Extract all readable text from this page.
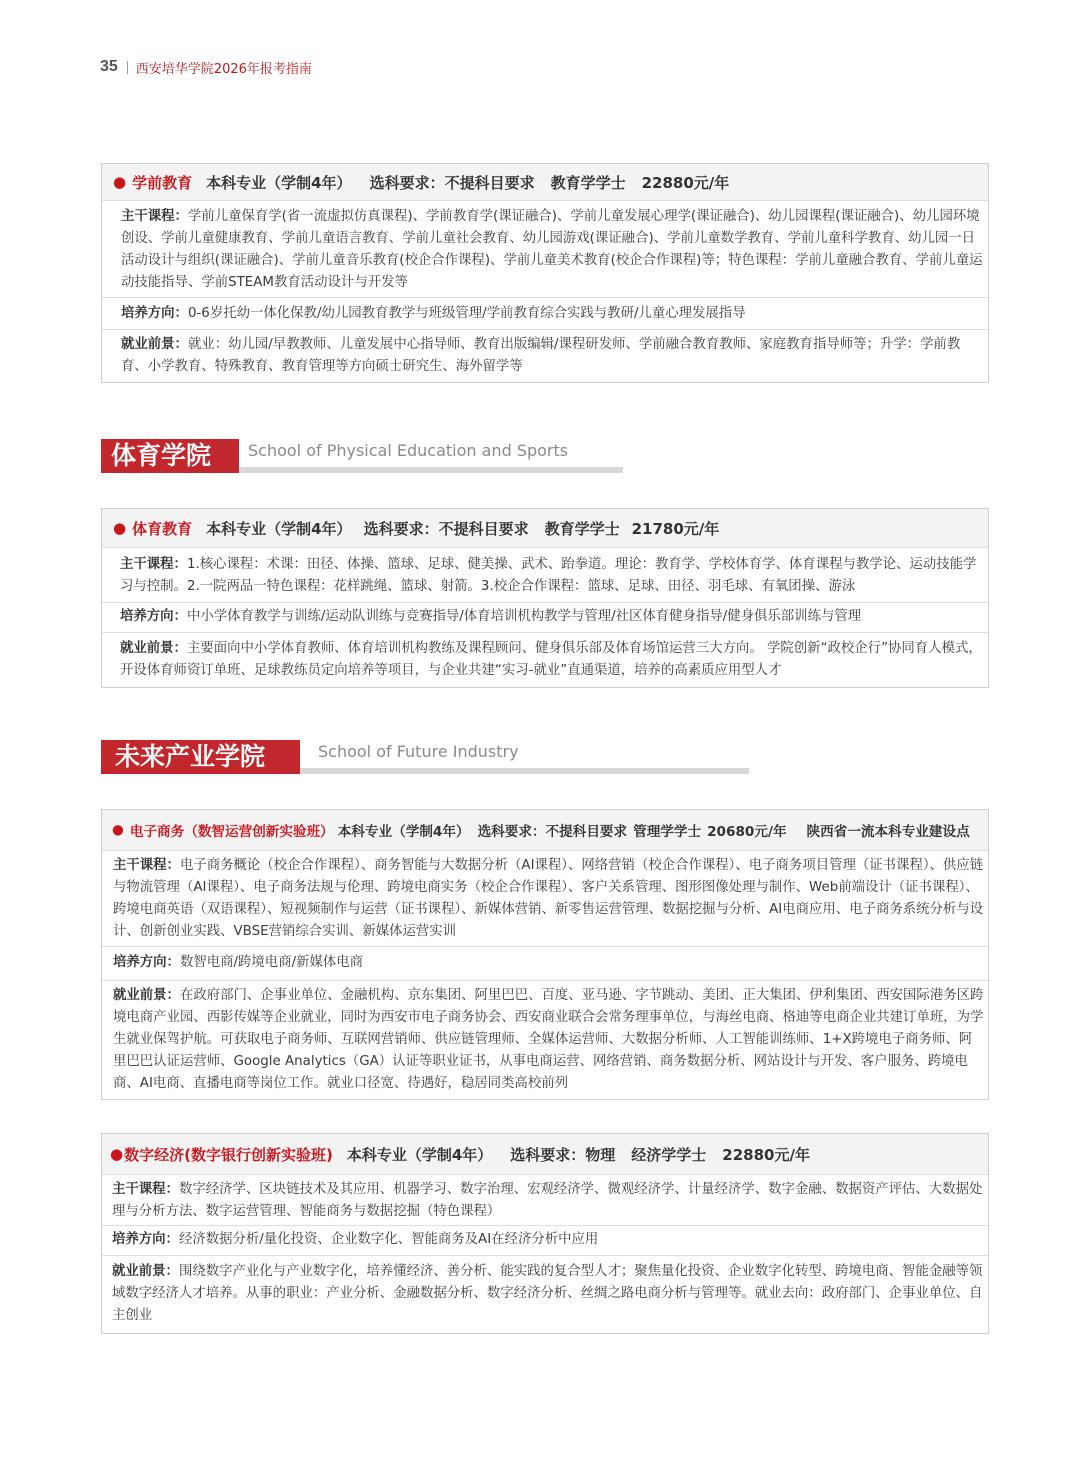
35 西安培华学院2026年报考指南
● 学前教育 本科专业（学制4年） 选科要求：不提科目要求 教育学学士 22880元/年
主干课程：学前儿童保育学(省一流虚拟仿真课程)、学前教育学(课证融合)、学前儿童发展心理学(课证融合)、幼儿园课程(课证融合)、幼儿园环境创设、学前儿童健康教育、学前儿童语言教育、学前儿童社会教育、幼儿园游戏(课证融合)、学前儿童数学教育、学前儿童科学教育、幼儿园一日活动设计与组织(课证融合)、学前儿童音乐教育(校企合作课程)、学前儿童美术教育(校企合作课程)等；特色课程：学前儿童融合教育、学前儿童运动技能指导、学前STEAM教育活动设计与开发等
培养方向：0-6岁托幼一体化保教/幼儿园教育教学与班级管理/学前教育综合实践与教研/儿童心理发展指导
就业前景：就业：幼儿园/早教教师、儿童发展中心指导师、教育出版编辑/课程研发师、学前融合教育教师、家庭教育指导师等；升学：学前教育、小学教育、特殊教育、教育管理等方向硕士研究生、海外留学等
体育学院	School of Physical Education and Sports
● 体育教育 本科专业（学制4年） 选科要求：不提科目要求 教育学学士 21780元/年
主干课程：1.核心课程：术课：田径、体操、篮球、足球、健美操、武术、跆拳道。理论：教育学、学校体育学、体育课程与教学论、运动技能学习与控制。2.一院两品一特色课程：花样跳绳、篮球、射箭。3.校企合作课程：篮球、足球、田径、羽毛球、有氧团操、游泳
培养方向：中小学体育教学与训练/运动队训练与竞赛指导/体育培训机构教学与管理/社区体育健身指导/健身俱乐部训练与管理
就业前景：主要面向中小学体育教师、体育培训机构教练及课程顾问、健身俱乐部及体育场馆运营三大方向。 学院创新“政校企行”协同育人模式，开设体育师资订单班、足球教练员定向培养等项目，与企业共建“实习-就业”直通渠道，培养的高素质应用型人才
未来产业学院	School of Future Industry
● 电子商务（数智运营创新实验班） 本科专业（学制4年） 选科要求：不提科目要求 管理学学士 20680元/年 陕西省一流本科专业建设点
主干课程：电子商务概论（校企合作课程）、商务智能与大数据分析（AI课程）、网络营销（校企合作课程）、电子商务项目管理（证书课程）、供应链与物流管理（AI课程）、电子商务法规与伦理、跨境电商实务（校企合作课程）、客户关系管理、图形图像处理与制作、Web前端设计（证书课程）、跨境电商英语（双语课程）、短视频制作与运营（证书课程）、新媒体营销、新零售运营管理、数据挖掘与分析、AI电商应用、电子商务系统分析与设计、创新创业实践、VBSE营销综合实训、新媒体运营实训
培养方向：数智电商/跨境电商/新媒体电商
就业前景：在政府部门、企事业单位、金融机构、京东集团、阿里巴巴、百度、亚马逊、字节跳动、美团、正大集团、伊利集团、西安国际港务区跨境电商产业园、西影传媒等企业就业，同时为西安市电子商务协会、西安商业联合会常务理事单位，与海丝电商、格迪等电商企业共建订单班，为学生就业保驾护航。可获取电子商务师、互联网营销师、供应链管理师、全媒体运营师、大数据分析师、人工智能训练师、1+X跨境电子商务师、阿里巴巴认证运营师、Google Analytics（GA）认证等职业证书，从事电商运营、网络营销、商务数据分析、网站设计与开发、客户服务、跨境电商、AI电商、直播电商等岗位工作。就业口径宽、待遇好，稳居同类高校前列
● 数字经济(数字银行创新实验班) 本科专业（学制4年） 选科要求：物理 经济学学士 22880元/年
主干课程：数字经济学、区块链技术及其应用、机器学习、数字治理、宏观经济学、微观经济学、计量经济学、数字金融、数据资产评估、大数据处理与分析方法、数字运营管理、智能商务与数据挖掘（特色课程）
培养方向：经济数据分析/量化投资、企业数字化、智能商务及AI在经济分析中应用
就业前景：围绕数字产业化与产业数字化，培养懂经济、善分析、能实践的复合型人才；聚焦量化投资、企业数字化转型、跨境电商、智能金融等领域数字经济人才培养。从事的职业：产业分析、金融数据分析、数字经济分析、丝绸之路电商分析与管理等。就业去向：政府部门、企事业单位、自主创业
